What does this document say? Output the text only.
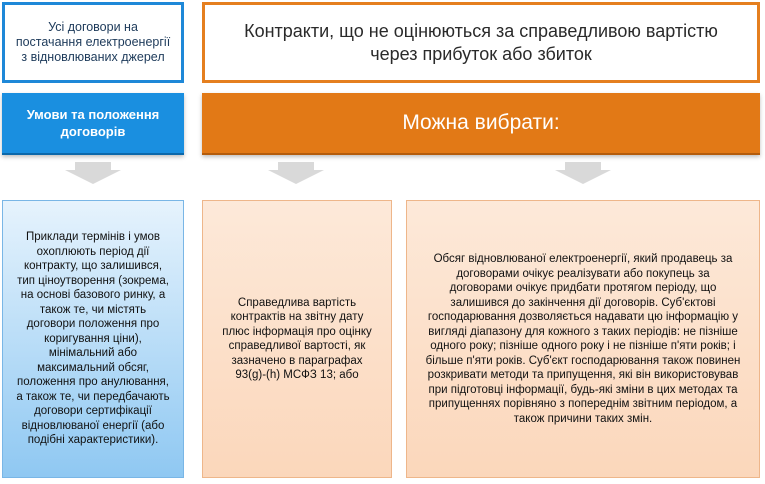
Усі договори на постачання електроенергії з відновлюваних джерел
Контракти, що не оцінюються за справедливою вартістю через прибуток або збиток
Умови та положення договорів	Можна вибрати:
Приклади термінів і умов охоплюють період дії контракту, що залишився, тип ціноутворення (зокрема, на основі базового ринку, а також те, чи містять договори положення про коригування ціни), мінімальний або максимальний обсяг, положення про анулювання, а також те, чи передбачають договори сертифікації відновлюваної енергії (або подібні характеристики).
Справедлива вартість контрактів на звітну дату плюс інформація про оцінку справедливої вартості, як зазначено в параграфах 93(g)-(h) МСФЗ 13; або
Обсяг відновлюваної електроенергії, який продавець за договорами очікує реалізувати або покупець за договорами очікує придбати протягом періоду, що залишився до закінчення дії договорів. Суб'єктові господарювання дозволяється надавати цю інформацію у вигляді діапазону для кожного з таких періодів: не пізніше одного року; пізніше одного року і не пізніше п'яти років; і більше п'яти років. Суб'єкт господарювання також повинен розкривати методи та припущення, які він використовував при підготовці інформації, будь-які зміни в цих методах та припущеннях порівняно з попереднім звітним періодом, а також причини таких змін.
